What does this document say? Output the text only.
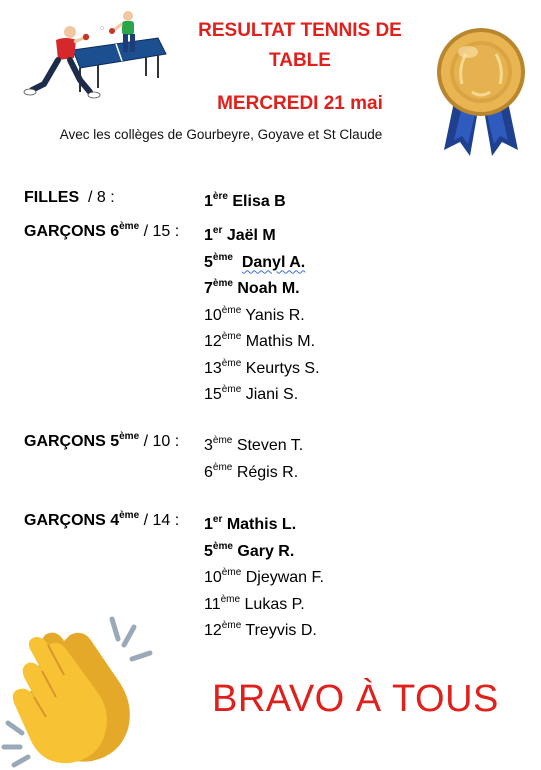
RESULTAT TENNIS DE
TABLE
MERCREDI 21 mai
Avec les collèges de Gourbeyre, Goyave et St Claude
FILLES / 8 :	1ère Elisa B
GARÇONS 6ème / 15 : 1er Jaël M
5ème Danyl A.
7ème Noah M.
10ème Yanis R.
12ème Mathis M.
13ème Keurtys S.
15ème Jiani S.
GARÇONS 5ème / 10 : 3ème Steven T.
6ème Régis R.
GARÇONS 4ème / 14 : 1er Mathis L.
5ème Gary R.
10ème Djeywan F.
11ème Lukas P.
12ème Treyvis D.
BRAVO À TOUS
